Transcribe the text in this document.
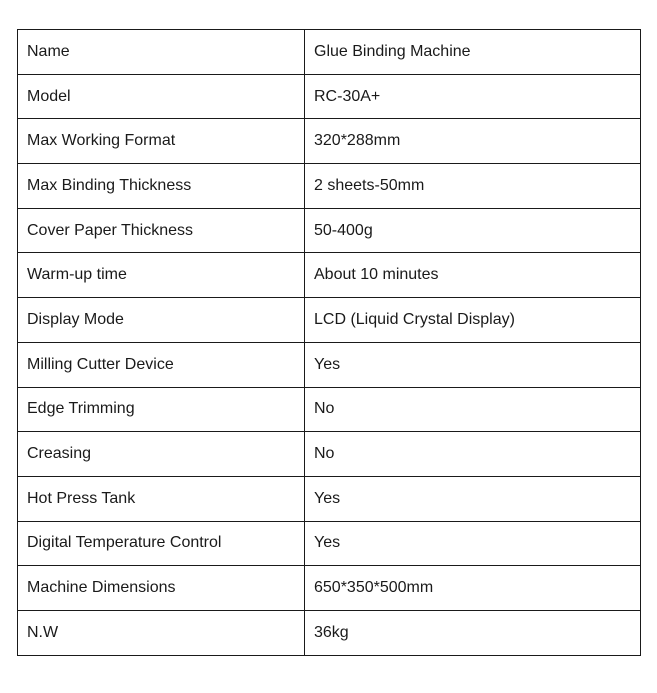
Name	Glue Binding Machine
Model	RC-30A+
Max Working Format	320*288mm
Max Binding Thickness	2 sheets-50mm
Cover Paper Thickness	50-400g
Warm-up time	About 10 minutes
Display Mode	LCD (Liquid Crystal Display)
Milling Cutter Device	Yes
Edge Trimming	No
Creasing	No
Hot Press Tank	Yes
Digital Temperature Control	Yes
Machine Dimensions	650*350*500mm
N.W	36kg
